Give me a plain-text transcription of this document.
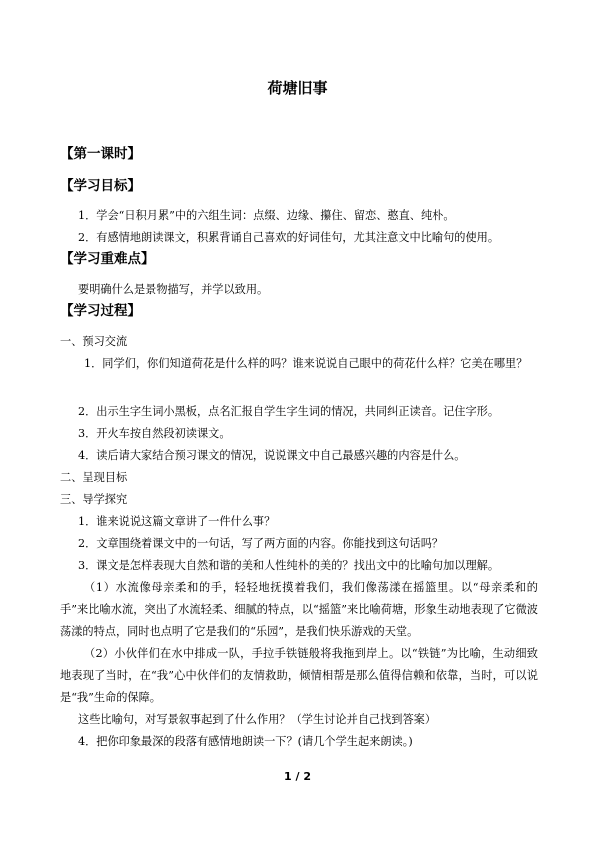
荷塘旧事
【第一课时】
【学习目标】
1．学会“日积月累”中的六组生词：点缀、边缘、攥住、留恋、憨直、纯朴。
2．有感情地朗读课文，积累背诵自己喜欢的好词佳句，尤其注意文中比喻句的使用。
【学习重难点】
要明确什么是景物描写，并学以致用。
【学习过程】
一、预习交流
1．同学们，你们知道荷花是什么样的吗？谁来说说自己眼中的荷花什么样？它美在哪里？
2．出示生字生词小黑板，点名汇报自学生字生词的情况，共同纠正读音。记住字形。
3．开火车按自然段初读课文。
4．读后请大家结合预习课文的情况，说说课文中自己最感兴趣的内容是什么。
二、呈现目标
三、导学探究
1．谁来说说这篇文章讲了一件什么事？
2．文章围绕着课文中的一句话，写了两方面的内容。你能找到这句话吗？
3．课文是怎样表现大自然和谐的美和人性纯朴的美的？找出文中的比喻句加以理解。
（1）水流像母亲柔和的手，轻轻地抚摸着我们，我们像荡漾在摇篮里。以“母亲柔和的手”来比喻水流，突出了水流轻柔、细腻的特点，以“摇篮”来比喻荷塘，形象生动地表现了它微波荡漾的特点，同时也点明了它是我们的“乐园”，是我们快乐游戏的天堂。
（2）小伙伴们在水中排成一队，手拉手铁链般将我拖到岸上。以“铁链”为比喻，生动细致地表现了当时，在“我”心中伙伴们的友情救助，倾情相帮是那么值得信赖和依靠，当时，可以说是“我”生命的保障。
这些比喻句，对写景叙事起到了什么作用？（学生讨论并自己找到答案）
4．把你印象最深的段落有感情地朗读一下？(请几个学生起来朗读。)
1 / 2
